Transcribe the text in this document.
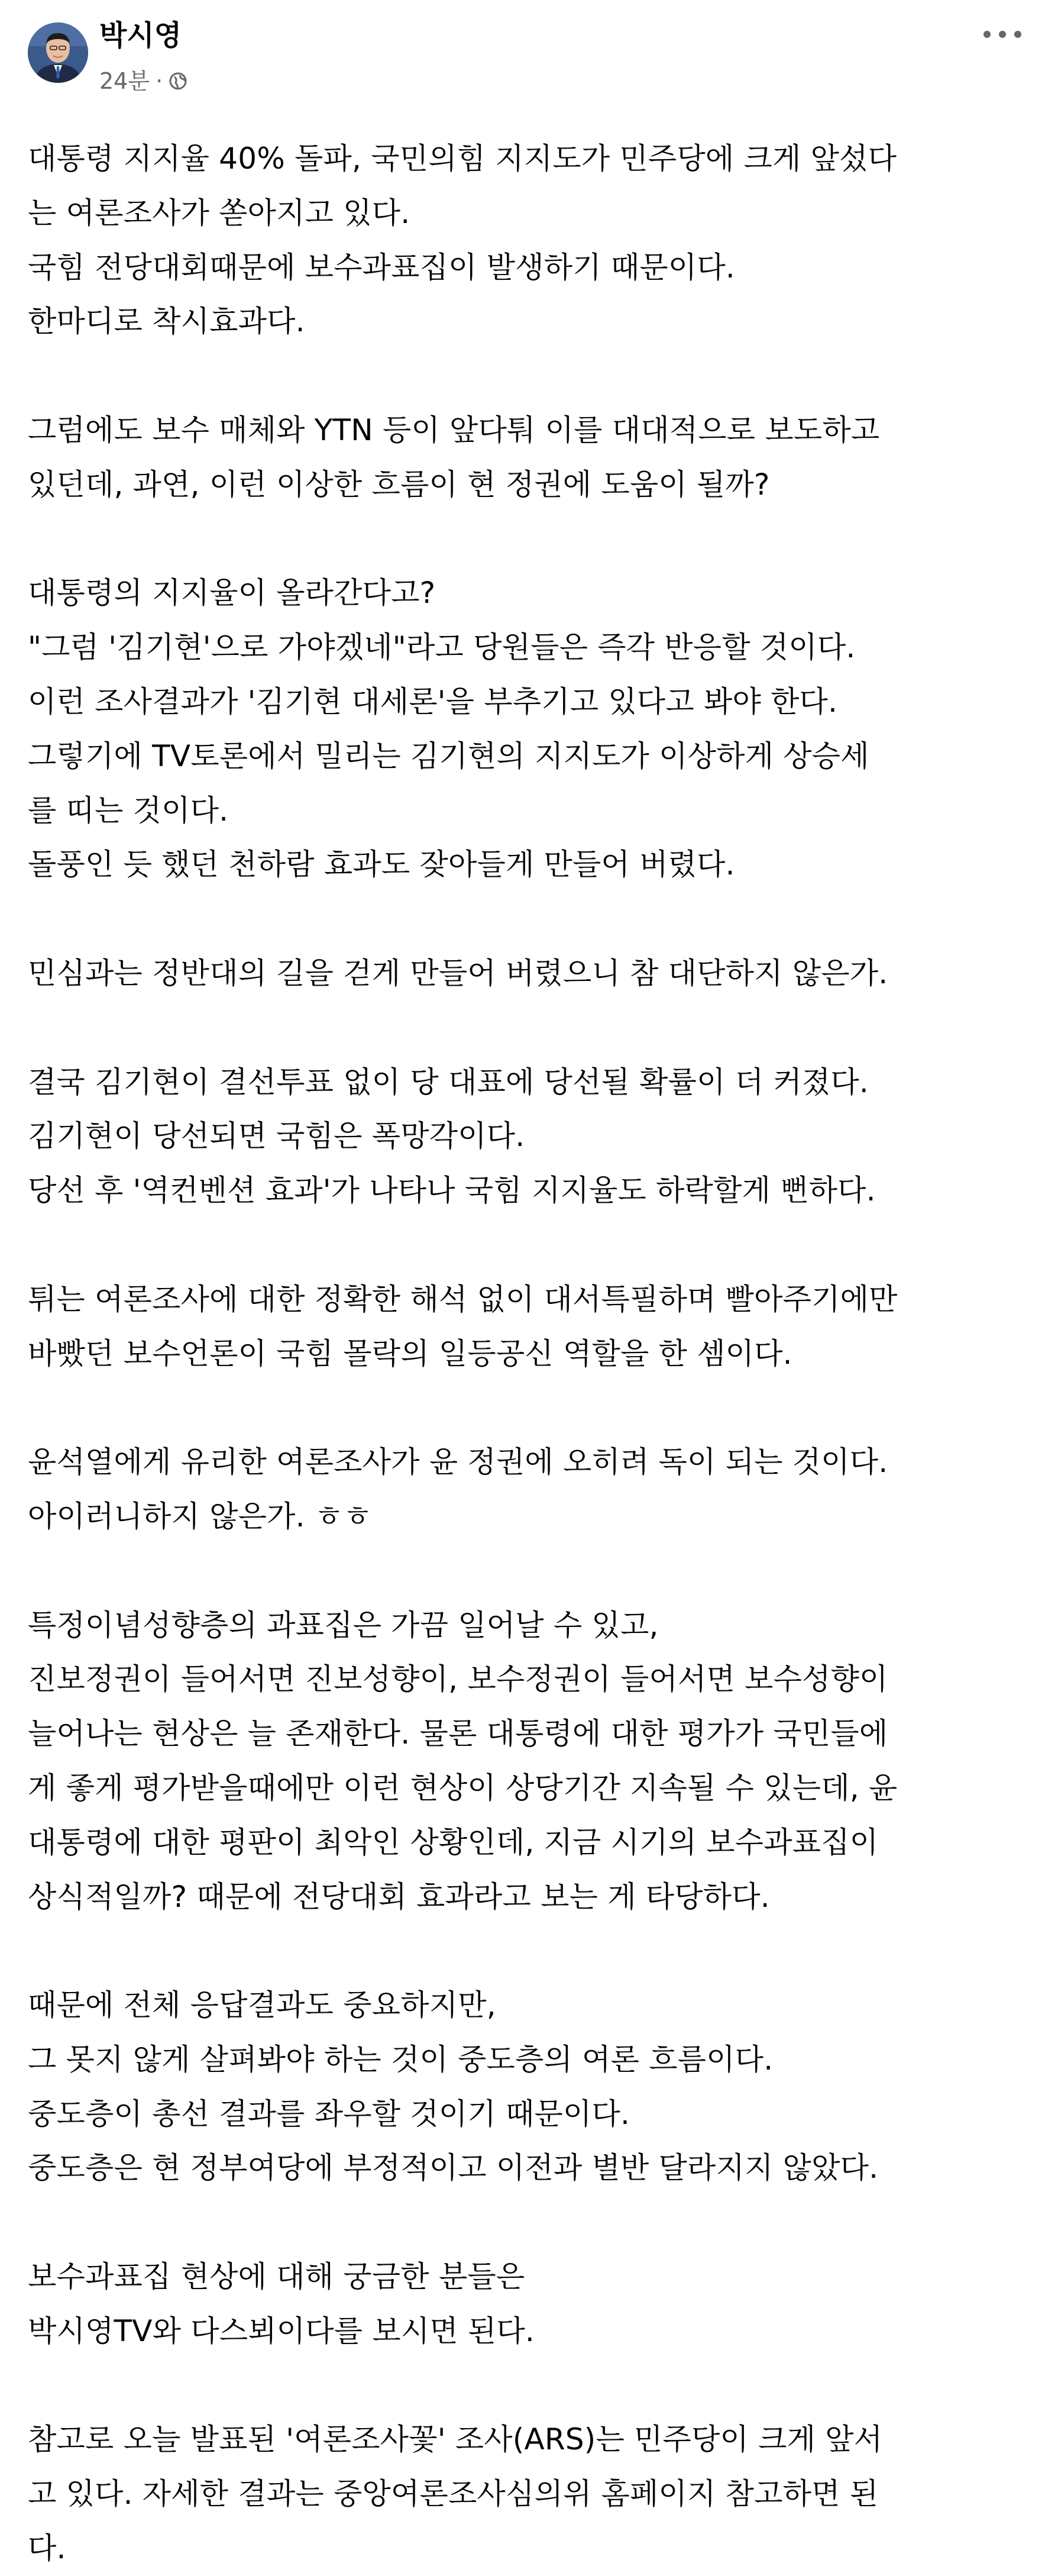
박시영
24분 ·
대통령 지지율 40% 돌파, 국민의힘 지지도가 민주당에 크게 앞섰다
는 여론조사가 쏟아지고 있다.
국힘 전당대회때문에 보수과표집이 발생하기 때문이다.
한마디로 착시효과다.
그럼에도 보수 매체와 YTN 등이 앞다퉈 이를 대대적으로 보도하고
있던데, 과연, 이런 이상한 흐름이 현 정권에 도움이 될까?
대통령의 지지율이 올라간다고?
"그럼 '김기현'으로 가야겠네"라고 당원들은 즉각 반응할 것이다.
이런 조사결과가 '김기현 대세론'을 부추기고 있다고 봐야 한다.
그렇기에 TV토론에서 밀리는 김기현의 지지도가 이상하게 상승세
를 띠는 것이다.
돌풍인 듯 했던 천하람 효과도 잦아들게 만들어 버렸다.
민심과는 정반대의 길을 걷게 만들어 버렸으니 참 대단하지 않은가.
결국 김기현이 결선투표 없이 당 대표에 당선될 확률이 더 커졌다.
김기현이 당선되면 국힘은 폭망각이다.
당선 후 '역컨벤션 효과'가 나타나 국힘 지지율도 하락할게 뻔하다.
튀는 여론조사에 대한 정확한 해석 없이 대서특필하며 빨아주기에만
바빴던 보수언론이 국힘 몰락의 일등공신 역할을 한 셈이다.
윤석열에게 유리한 여론조사가 윤 정권에 오히려 독이 되는 것이다.
아이러니하지 않은가. ㅎㅎ
특정이념성향층의 과표집은 가끔 일어날 수 있고,
진보정권이 들어서면 진보성향이, 보수정권이 들어서면 보수성향이
늘어나는 현상은 늘 존재한다. 물론 대통령에 대한 평가가 국민들에
게 좋게 평가받을때에만 이런 현상이 상당기간 지속될 수 있는데, 윤
대통령에 대한 평판이 최악인 상황인데, 지금 시기의 보수과표집이
상식적일까? 때문에 전당대회 효과라고 보는 게 타당하다.
때문에 전체 응답결과도 중요하지만,
그 못지 않게 살펴봐야 하는 것이 중도층의 여론 흐름이다.
중도층이 총선 결과를 좌우할 것이기 때문이다.
중도층은 현 정부여당에 부정적이고 이전과 별반 달라지지 않았다.
보수과표집 현상에 대해 궁금한 분들은
박시영TV와 다스뵈이다를 보시면 된다.
참고로 오늘 발표된 '여론조사꽃' 조사(ARS)는 민주당이 크게 앞서
고 있다. 자세한 결과는 중앙여론조사심의위 홈페이지 참고하면 된
다.
